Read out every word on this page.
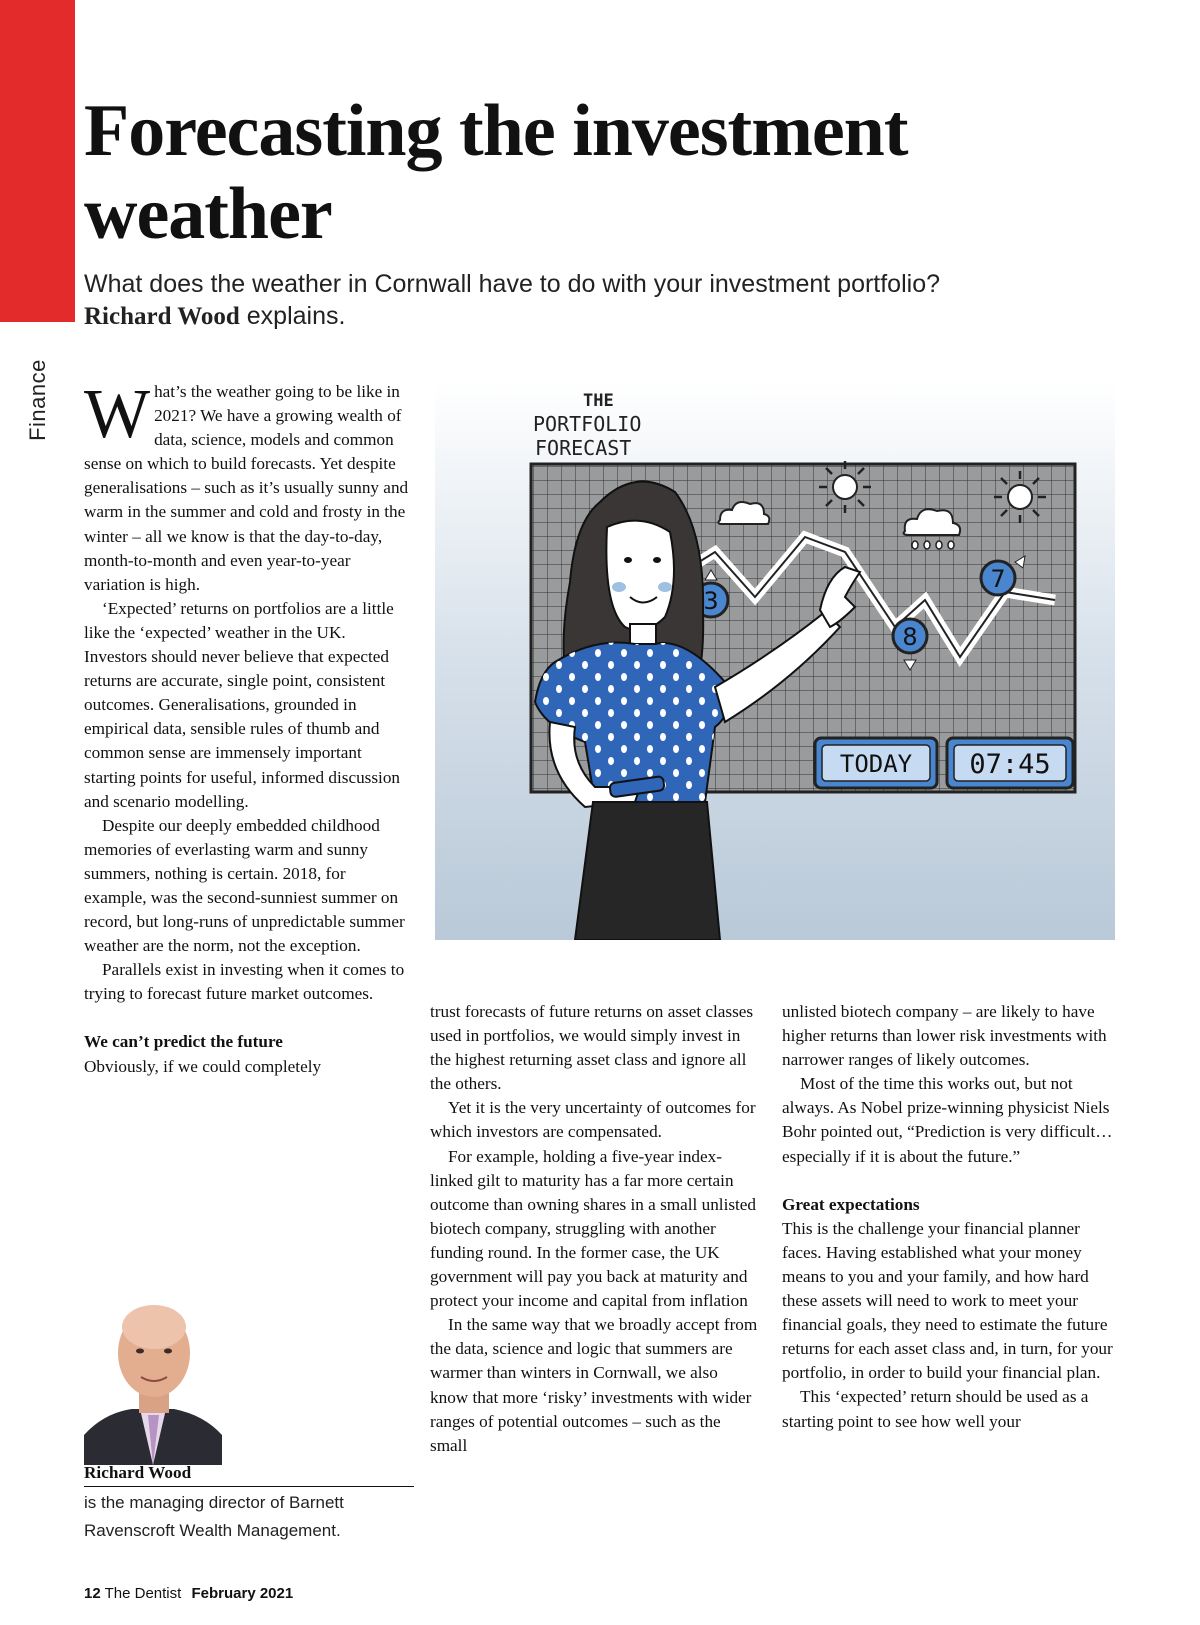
Finance
Forecasting the investment weather

What does the weather in Cornwall have to do with your investment portfolio?
Richard Wood explains.

What’s the weather going to be like in 2021? We have a growing wealth of data, science, models and common sense on which to build forecasts. Yet despite generalisations – such as it’s usually sunny and warm in the summer and cold and frosty in the winter – all we know is that the day-to-day, month-to-month and even year-to-year variation is high.

‘Expected’ returns on portfolios are a little like the ‘expected’ weather in the UK. Investors should never believe that expected returns are accurate, single point, consistent outcomes. Generalisations, grounded in empirical data, sensible rules of thumb and common sense are immensely important starting points for useful, informed discussion and scenario modelling.

Despite our deeply embedded childhood memories of everlasting warm and sunny summers, nothing is certain. 2018, for example, was the second-sunniest summer on record, but long-runs of unpredictable summer weather are the norm, not the exception.

Parallels exist in investing when it comes to trying to forecast future market outcomes.

We can’t predict the future

Obviously, if we could completely

THE
PORTFOLIO
FORECAST
3
8
7
TODAY 07:45

trust forecasts of future returns on asset classes used in portfolios, we would simply invest in the highest returning asset class and ignore all the others.

Yet it is the very uncertainty of outcomes for which investors are compensated.

For example, holding a five-year index-linked gilt to maturity has a far more certain outcome than owning shares in a small unlisted biotech company, struggling with another funding round. In the former case, the UK government will pay you back at maturity and protect your income and capital from inflation

In the same way that we broadly accept from the data, science and logic that summers are warmer than winters in Cornwall, we also know that more ‘risky’ investments with wider ranges of potential outcomes – such as the small

unlisted biotech company – are likely to have higher returns than lower risk investments with narrower ranges of likely outcomes.

Most of the time this works out, but not always. As Nobel prize-winning physicist Niels Bohr pointed out, “Prediction is very difficult… especially if it is about the future.”

Great expectations

This is the challenge your financial planner faces. Having established what your money means to you and your family, and how hard these assets will need to work to meet your financial goals, they need to estimate the future returns for each asset class and, in turn, for your portfolio, in order to build your financial plan.

This ‘expected’ return should be used as a starting point to see how well your

Richard Wood
is the managing director of Barnett Ravenscroft Wealth Management.
12 The Dentist February 2021
